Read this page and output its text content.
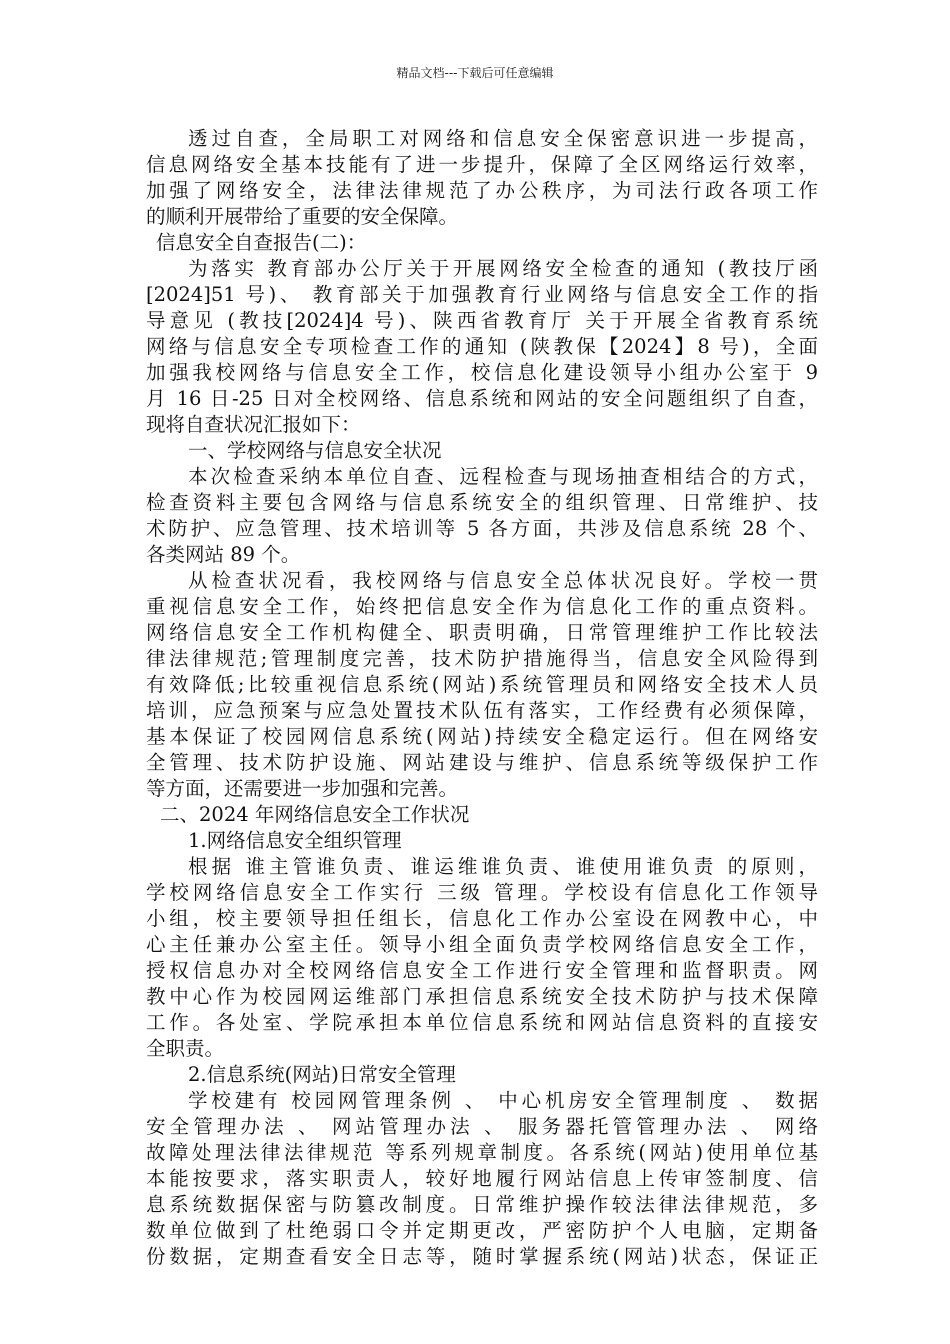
精品文档---下载后可任意编辑
透过自查，全局职工对网络和信息安全保密意识进一步提高，
信息网络安全基本技能有了进一步提升，保障了全区网络运行效率，
加强了网络安全，法律法律规范了办公秩序，为司法行政各项工作
的顺利开展带给了重要的安全保障。
信息安全自查报告(二)：
为落实 教育部办公厅关于开展网络安全检查的通知 (教技厅函
[2024]51 号)、 教育部关于加强教育行业网络与信息安全工作的指
导意见 (教技[2024]4 号)、陕西省教育厅 关于开展全省教育系统
网络与信息安全专项检查工作的通知 (陕教保【2024】8 号)，全面
加强我校网络与信息安全工作，校信息化建设领导小组办公室于 9
月 16 日-25 日对全校网络、信息系统和网站的安全问题组织了自查，
现将自查状况汇报如下：
一、学校网络与信息安全状况
本次检查采纳本单位自查、远程检查与现场抽查相结合的方式，
检查资料主要包含网络与信息系统安全的组织管理、日常维护、技
术防护、应急管理、技术培训等 5 各方面，共涉及信息系统 28 个、
各类网站 89 个。
从检查状况看，我校网络与信息安全总体状况良好。学校一贯
重视信息安全工作，始终把信息安全作为信息化工作的重点资料。
网络信息安全工作机构健全、职责明确，日常管理维护工作比较法
律法律规范;管理制度完善，技术防护措施得当，信息安全风险得到
有效降低;比较重视信息系统(网站)系统管理员和网络安全技术人员
培训，应急预案与应急处置技术队伍有落实，工作经费有必须保障，
基本保证了校园网信息系统(网站)持续安全稳定运行。但在网络安
全管理、技术防护设施、网站建设与维护、信息系统等级保护工作
等方面，还需要进一步加强和完善。
二、2024 年网络信息安全工作状况
1.网络信息安全组织管理
根据 谁主管谁负责、谁运维谁负责、谁使用谁负责 的原则，
学校网络信息安全工作实行 三级 管理。学校设有信息化工作领导
小组，校主要领导担任组长，信息化工作办公室设在网教中心，中
心主任兼办公室主任。领导小组全面负责学校网络信息安全工作，
授权信息办对全校网络信息安全工作进行安全管理和监督职责。网
教中心作为校园网运维部门承担信息系统安全技术防护与技术保障
工作。各处室、学院承担本单位信息系统和网站信息资料的直接安
全职责。
2.信息系统(网站)日常安全管理
学校建有 校园网管理条例 、 中心机房安全管理制度 、 数据
安全管理办法 、 网站管理办法 、 服务器托管管理办法 、 网络
故障处理法律法律规范 等系列规章制度。各系统(网站)使用单位基
本能按要求，落实职责人，较好地履行网站信息上传审签制度、信
息系统数据保密与防篡改制度。日常维护操作较法律法律规范，多
数单位做到了杜绝弱口令并定期更改，严密防护个人电脑，定期备
份数据，定期查看安全日志等，随时掌握系统(网站)状态，保证正
